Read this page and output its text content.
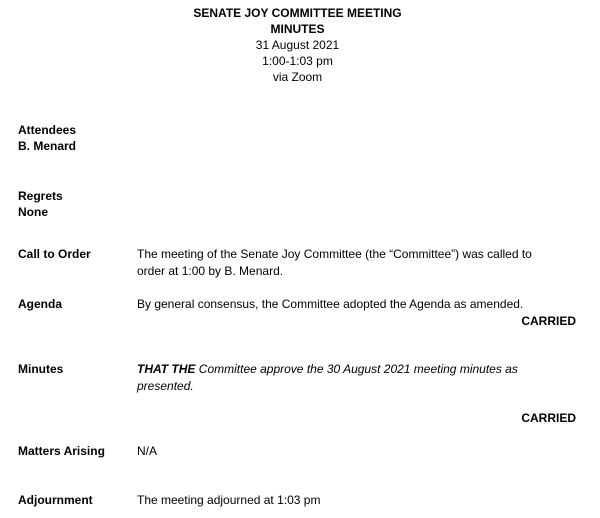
SENATE JOY COMMITTEE MEETING
MINUTES
31 August 2021
1:00-1:03 pm
via Zoom
Attendees
B. Menard
Regrets
None
Call to Order	The meeting of the Senate Joy Committee (the “Committee”) was called to
order at 1:00 by B. Menard.
Agenda	By general consensus, the Committee adopted the Agenda as amended.
CARRIED
Minutes	THAT THE Committee approve the 30 August 2021 meeting minutes as
presented.
CARRIED
Matters Arising	N/A
Adjournment	The meeting adjourned at 1:03 pm
